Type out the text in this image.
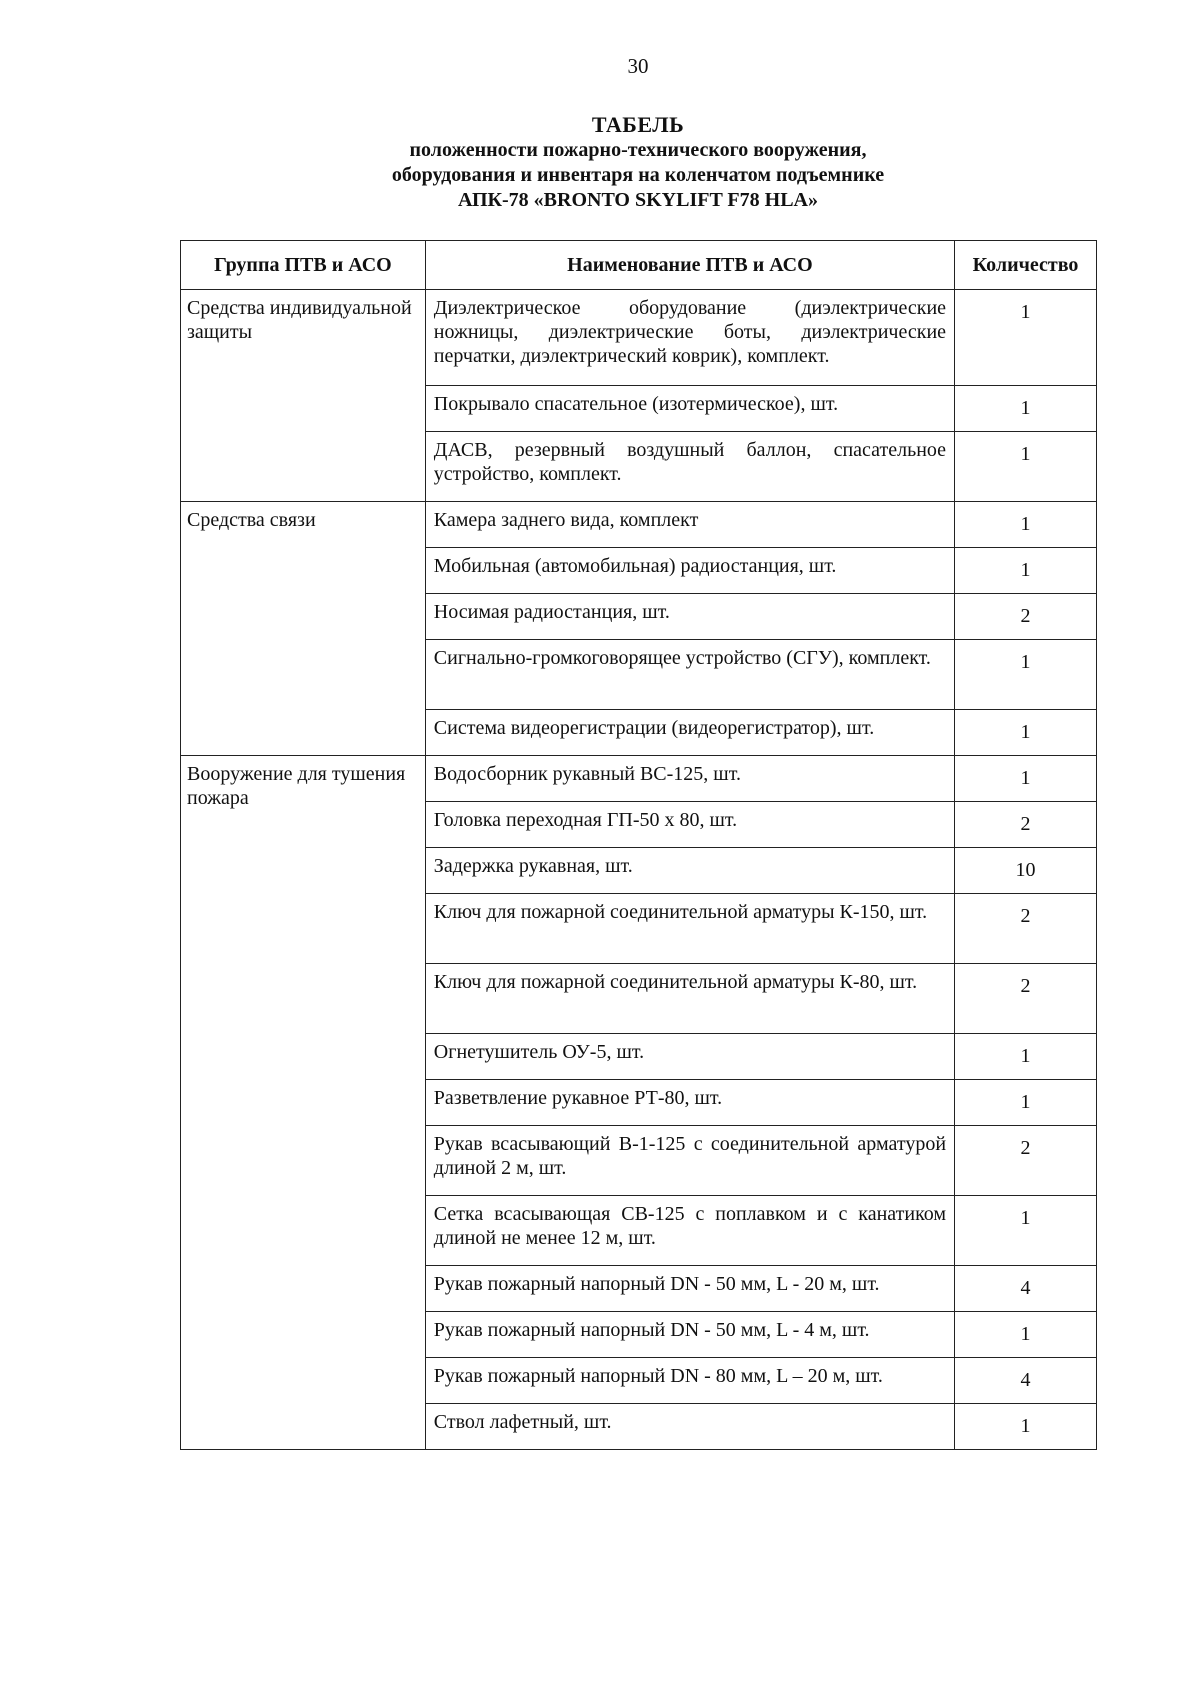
30
ТАБЕЛЬ
положенности пожарно-технического вооружения,
оборудования и инвентаря на коленчатом подъемнике
АПК-78 «BRONTO SKYLIFT F78 HLA»
Группа ПТВ и АСО	Наименование ПТВ и АСО	Количество
Средства индивидуальной защиты	Диэлектрическое оборудование (диэлектрические ножницы, диэлектрические боты, диэлектрические перчатки, диэлектрический коврик), комплект.	1
	Покрывало спасательное (изотермическое), шт.	1
	ДАСВ, резервный воздушный баллон, спасательное устройство, комплект.	1
Средства связи	Камера заднего вида, комплект	1
	Мобильная (автомобильная) радиостанция, шт.	1
	Носимая радиостанция, шт.	2
	Сигнально-громкоговорящее устройство (СГУ), комплект.	1
	Система видеорегистрации (видеорегистратор), шт.	1
Вооружение для тушения пожара	Водосборник рукавный ВС-125, шт.	1
	Головка переходная ГП-50 х 80, шт.	2
	Задержка рукавная, шт.	10
	Ключ для пожарной соединительной арматуры К-150, шт.	2
	Ключ для пожарной соединительной арматуры К-80, шт.	2
	Огнетушитель ОУ-5, шт.	1
	Разветвление рукавное РТ-80, шт.	1
	Рукав всасывающий В-1-125 с соединительной арматурой длиной 2 м, шт.	2
	Сетка всасывающая СВ-125 с поплавком и с канатиком длиной не менее 12 м, шт.	1
	Рукав пожарный напорный DN - 50 мм, L - 20 м, шт.	4
	Рукав пожарный напорный DN - 50 мм, L - 4 м, шт.	1
	Рукав пожарный напорный DN - 80 мм, L – 20 м, шт.	4
	Ствол лафетный, шт.	1
